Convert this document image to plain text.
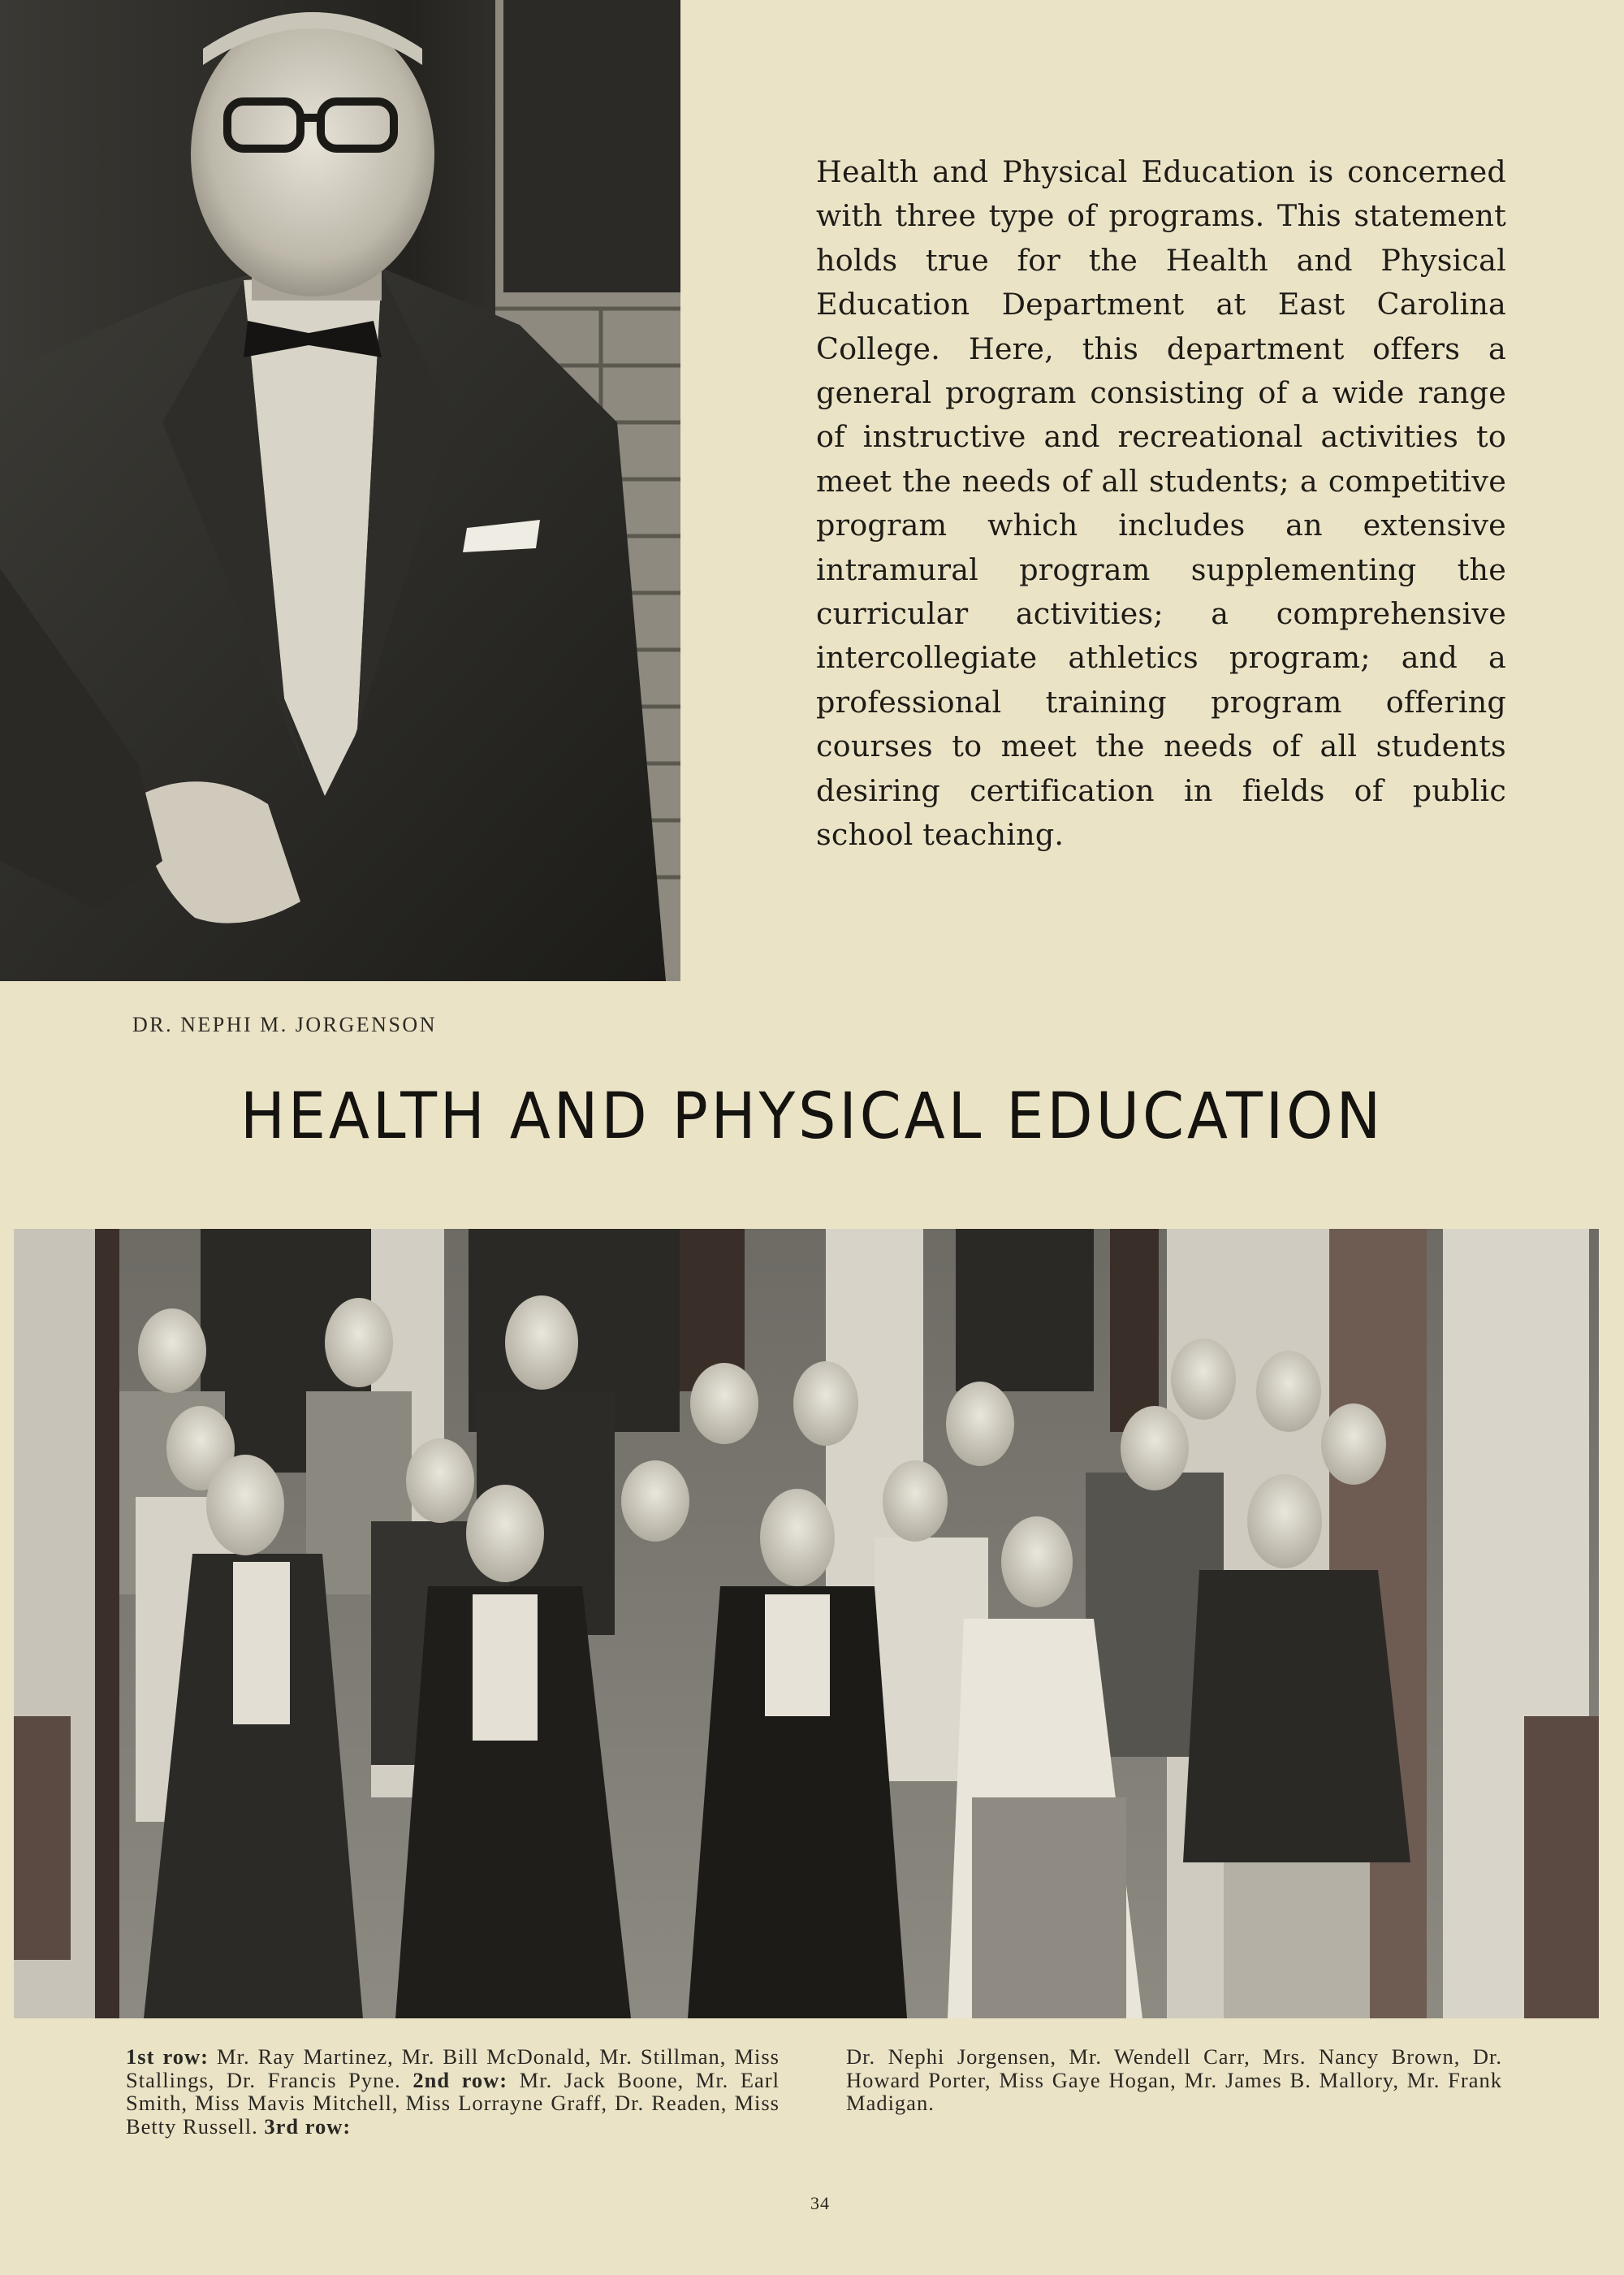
Health and Physical Education is concerned with three type of programs. This statement holds true for the Health and Physical Education Department at East Carolina College. Here, this department offers a general program consisting of a wide range of instructive and recreational activities to meet the needs of all students; a competitive program which includes an extensive intramural program supplementing the curricular activities; a comprehensive intercollegiate athletics program; and a professional training program offering courses to meet the needs of all students desiring certification in fields of public school teaching.

DR. NEPHI M. JORGENSON

HEALTH AND PHYSICAL EDUCATION

1st row: Mr. Ray Martinez, Mr. Bill McDonald, Mr. Stillman, Miss Stallings, Dr. Francis Pyne. 2nd row: Mr. Jack Boone, Mr. Earl Smith, Miss Mavis Mitchell, Miss Lorrayne Graff, Dr. Readen, Miss Betty Russell. 3rd row:

Dr. Nephi Jorgensen, Mr. Wendell Carr, Mrs. Nancy Brown, Dr. Howard Porter, Miss Gaye Hogan, Mr. James B. Mallory, Mr. Frank Madigan.

34
